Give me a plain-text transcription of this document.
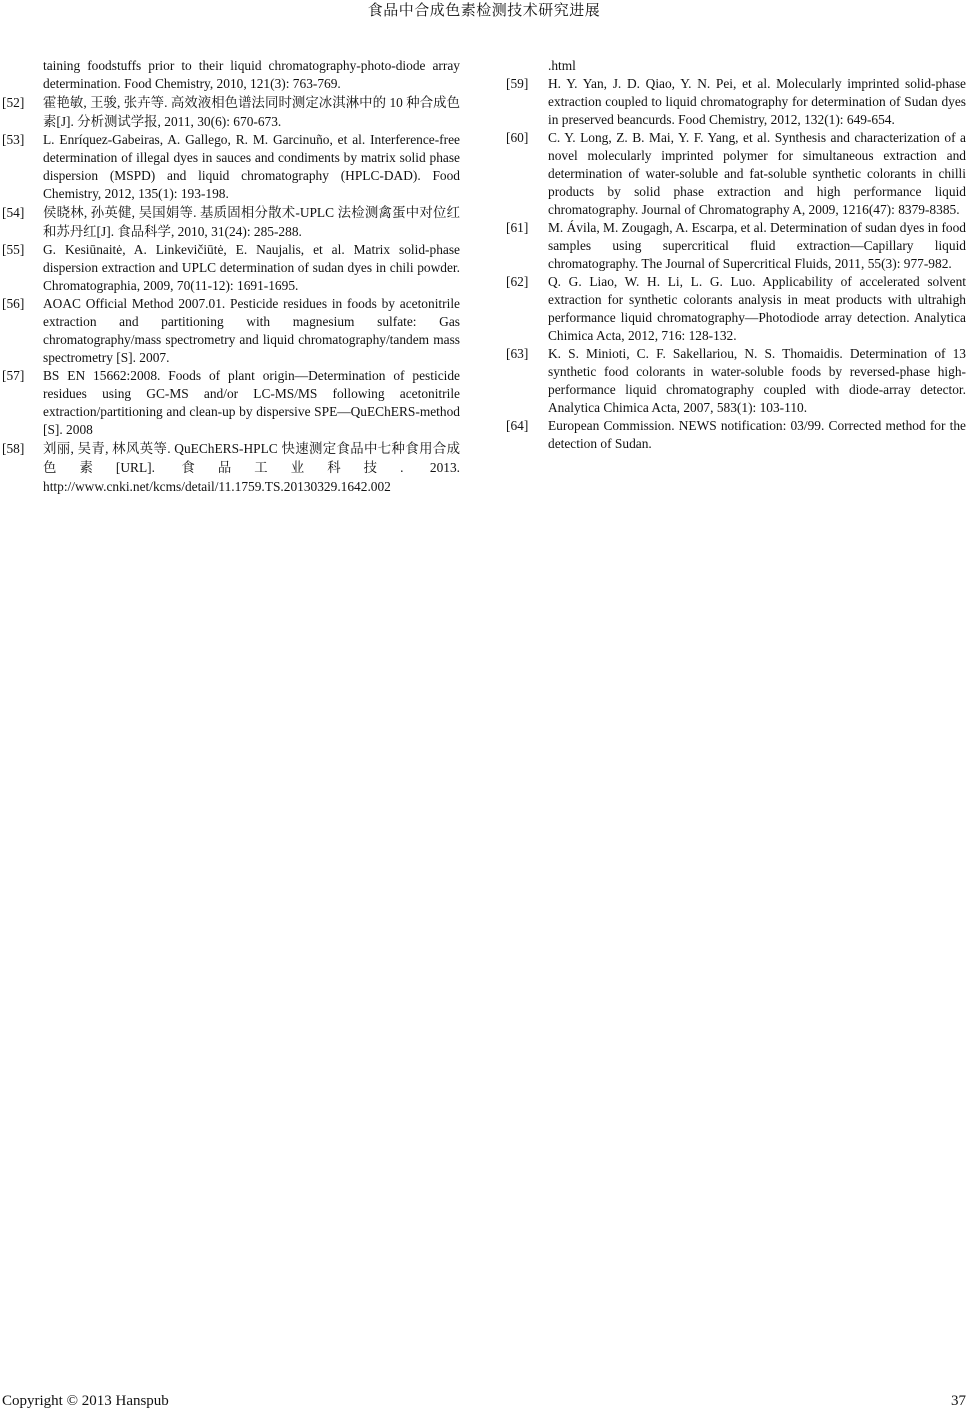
食品中合成色素检测技术研究进展
taining foodstuffs prior to their liquid chromatography-photo-diode array determination. Food Chemistry, 2010, 121(3): 763-769.
[52] 霍艳敏, 王骏, 张卉等. 高效液相色谱法同时测定冰淇淋中的 10 种合成色素[J]. 分析测试学报, 2011, 30(6): 670-673.
[53] L. Enríquez-Gabeiras, A. Gallego, R. M. Garcinuño, et al. Interference-free determination of illegal dyes in sauces and condiments by matrix solid phase dispersion (MSPD) and liquid chromatography (HPLC-DAD). Food Chemistry, 2012, 135(1): 193-198.
[54] 侯晓林, 孙英健, 吴国娟等. 基质固相分散术-UPLC 法检测禽蛋中对位红和苏丹红[J]. 食品科学, 2010, 31(24): 285-288.
[55] G. Kesiūnaitė, A. Linkevičiūtė, E. Naujalis, et al. Matrix solid-phase dispersion extraction and UPLC determination of sudan dyes in chili powder. Chromatographia, 2009, 70(11-12): 1691-1695.
[56] AOAC Official Method 2007.01. Pesticide residues in foods by acetonitrile extraction and partitioning with magnesium sulfate: Gas chromatography/mass spectrometry and liquid chromatography/tandem mass spectrometry [S]. 2007.
[57] BS EN 15662:2008. Foods of plant origin—Determination of pesticide residues using GC-MS and/or LC-MS/MS following acetonitrile extraction/partitioning and clean-up by dispersive SPE—QuEChERS-method [S]. 2008
[58] 刘丽, 吴青, 林风英等. QuEChERS-HPLC 快速测定食品中七种食用合成色素[URL]. 食品工业科技. 2013. http://www.cnki.net/kcms/detail/11.1759.TS.20130329.1642.002
.html
[59] H. Y. Yan, J. D. Qiao, Y. N. Pei, et al. Molecularly imprinted solid-phase extraction coupled to liquid chromatography for determination of Sudan dyes in preserved beancurds. Food Chemistry, 2012, 132(1): 649-654.
[60] C. Y. Long, Z. B. Mai, Y. F. Yang, et al. Synthesis and characterization of a novel molecularly imprinted polymer for simultaneous extraction and determination of water-soluble and fat-soluble synthetic colorants in chilli products by solid phase extraction and high performance liquid chromatography. Journal of Chromatography A, 2009, 1216(47): 8379-8385.
[61] M. Ávila, M. Zougagh, A. Escarpa, et al. Determination of sudan dyes in food samples using supercritical fluid extraction—Capillary liquid chromatography. The Journal of Supercritical Fluids, 2011, 55(3): 977-982.
[62] Q. G. Liao, W. H. Li, L. G. Luo. Applicability of accelerated solvent extraction for synthetic colorants analysis in meat products with ultrahigh performance liquid chromatography—Photodiode array detection. Analytica Chimica Acta, 2012, 716: 128-132.
[63] K. S. Minioti, C. F. Sakellariou, N. S. Thomaidis. Determination of 13 synthetic food colorants in water-soluble foods by reversed-phase high-performance liquid chromatography coupled with diode-array detector. Analytica Chimica Acta, 2007, 583(1): 103-110.
[64] European Commission. NEWS notification: 03/99. Corrected method for the detection of Sudan.
Copyright © 2013 Hanspub	37
